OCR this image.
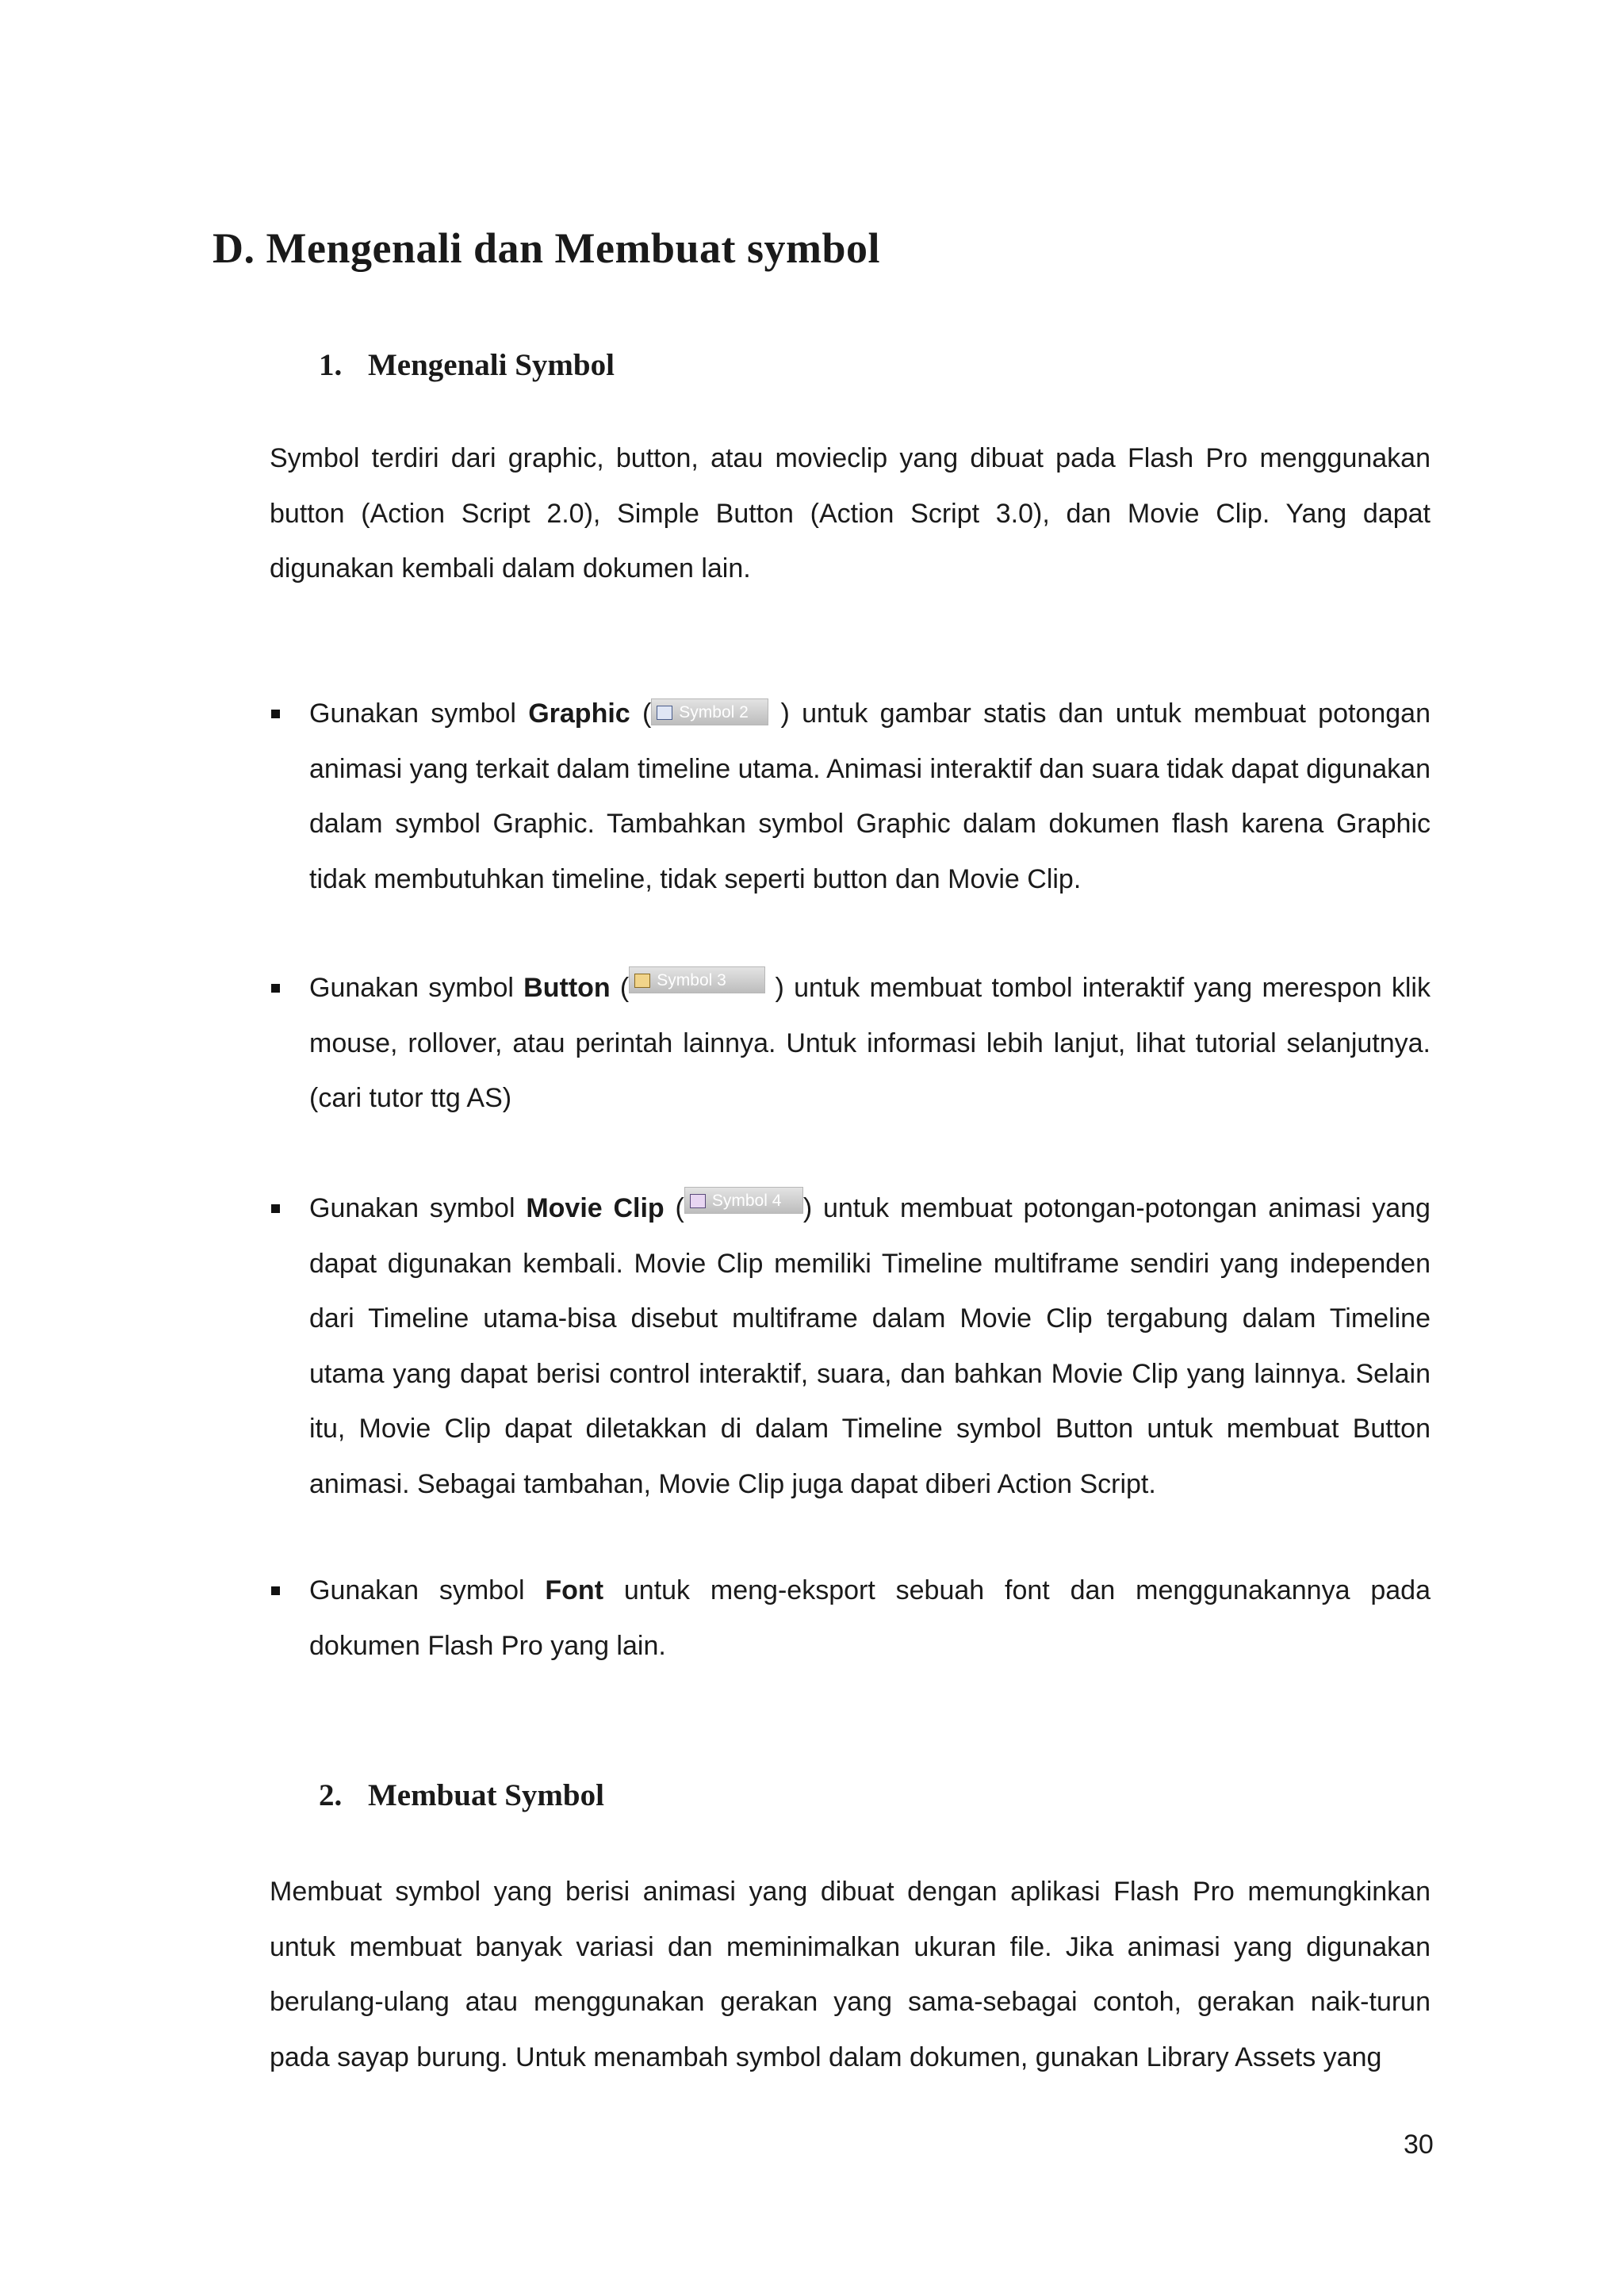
D. Mengenali dan Membuat symbol
1. Mengenali Symbol

Symbol terdiri dari graphic, button, atau movieclip yang dibuat pada Flash Pro menggunakan button (Action Script 2.0), Simple Button (Action Script 3.0), dan Movie Clip. Yang dapat digunakan kembali dalam dokumen lain.

Gunakan symbol Graphic ( Symbol 2 ) untuk gambar statis dan untuk membuat potongan animasi yang terkait dalam timeline utama. Animasi interaktif dan suara tidak dapat digunakan dalam symbol Graphic. Tambahkan symbol Graphic dalam dokumen flash karena Graphic tidak membutuhkan timeline, tidak seperti button dan Movie Clip.
Gunakan symbol Button ( Symbol 3 ) untuk membuat tombol interaktif yang merespon klik mouse, rollover, atau perintah lainnya. Untuk informasi lebih lanjut, lihat tutorial selanjutnya. (cari tutor ttg AS)
Gunakan symbol Movie Clip ( Symbol 4 ) untuk membuat potongan-potongan animasi yang dapat digunakan kembali. Movie Clip memiliki Timeline multiframe sendiri yang independen dari Timeline utama-bisa disebut multiframe dalam Movie Clip tergabung dalam Timeline utama yang dapat berisi control interaktif, suara, dan bahkan Movie Clip yang lainnya. Selain itu, Movie Clip dapat diletakkan di dalam Timeline symbol Button untuk membuat Button animasi. Sebagai tambahan, Movie Clip juga dapat diberi Action Script.
Gunakan symbol Font untuk meng-eksport sebuah font dan menggunakannya pada dokumen Flash Pro yang lain.
2. Membuat Symbol

Membuat symbol yang berisi animasi yang dibuat dengan aplikasi Flash Pro memungkinkan untuk membuat banyak variasi dan meminimalkan ukuran file. Jika animasi yang digunakan berulang-ulang atau menggunakan gerakan yang sama-sebagai contoh, gerakan naik-turun pada sayap burung. Untuk menambah symbol dalam dokumen, gunakan Library Assets yang

30
